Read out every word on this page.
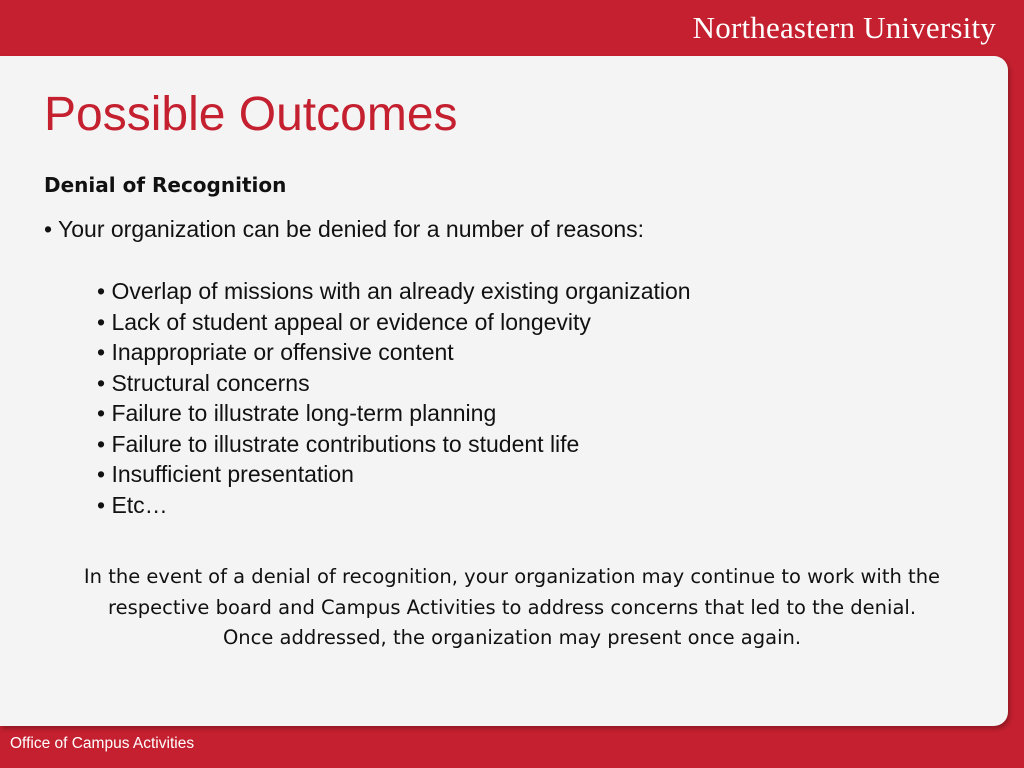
Northeastern University
Possible Outcomes
Denial of Recognition
• Your organization can be denied for a number of reasons:
• Overlap of missions with an already existing organization
• Lack of student appeal or evidence of longevity
• Inappropriate or offensive content
• Structural concerns
• Failure to illustrate long-term planning
• Failure to illustrate contributions to student life
• Insufficient presentation
• Etc…
In the event of a denial of recognition, your organization may continue to work with the respective board and Campus Activities to address concerns that led to the denial. Once addressed, the organization may present once again.
Office of Campus Activities
